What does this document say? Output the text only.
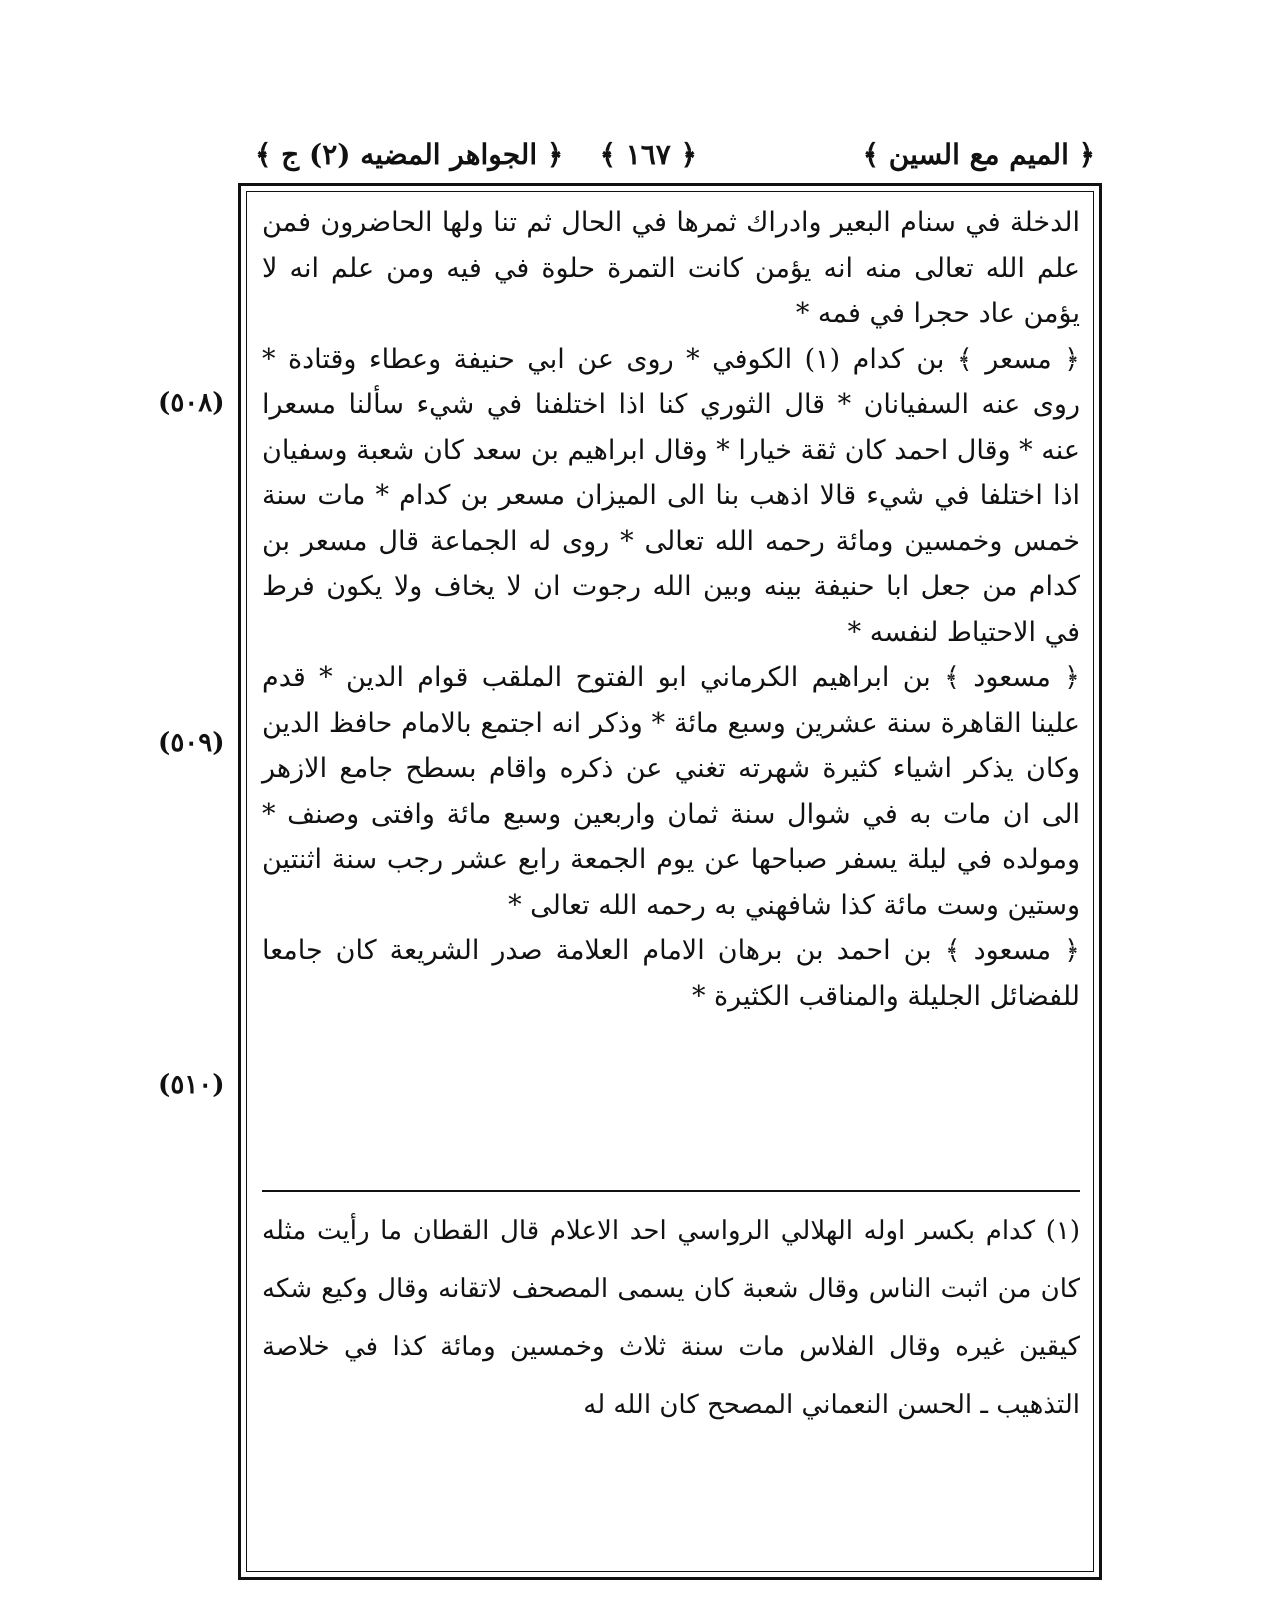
﴿ الميم مع السين ﴾
﴿ ١٦٧ ﴾
﴿ الجواهر المضيه (٢) ج ﴾
(٥٠٨)
(٥٠٩)
(٥١٠)

الدخلة في سنام البعير وادراك ثمرها في الحال ثم تنا ولها الحاضرون فمن علم الله تعالى منه انه يؤمن كانت التمرة حلوة في فيه ومن علم انه لا يؤمن عاد حجرا في فمه *

﴿ مسعر ﴾ بن كدام (١) الكوفي * روى عن ابي حنيفة وعطاء وقتادة * روى عنه السفيانان * قال الثوري كنا اذا اختلفنا في شيء سألنا مسعرا عنه * وقال احمد كان ثقة خيارا * وقال ابراهيم بن سعد كان شعبة وسفيان اذا اختلفا في شيء قالا اذهب بنا الى الميزان مسعر بن كدام * مات سنة خمس وخمسين ومائة رحمه الله تعالى * روى له الجماعة قال مسعر بن كدام من جعل ابا حنيفة بينه وبين الله رجوت ان لا يخاف ولا يكون فرط في الاحتياط لنفسه *

﴿ مسعود ﴾ بن ابراهيم الكرماني ابو الفتوح الملقب قوام الدين * قدم علينا القاهرة سنة عشرين وسبع مائة * وذكر انه اجتمع بالامام حافظ الدين وكان يذكر اشياء كثيرة شهرته تغني عن ذكره واقام بسطح جامع الازهر الى ان مات به في شوال سنة ثمان واربعين وسبع مائة وافتى وصنف * ومولده في ليلة يسفر صباحها عن يوم الجمعة رابع عشر رجب سنة اثنتين وستين وست مائة كذا شافهني به رحمه الله تعالى *

﴿ مسعود ﴾ بن احمد بن برهان الامام العلامة صدر الشريعة كان جامعا للفضائل الجليلة والمناقب الكثيرة *

(١) كدام بكسر اوله الهلالي الرواسي احد الاعلام قال القطان ما رأيت مثله كان من اثبت الناس وقال شعبة كان يسمى المصحف لاتقانه وقال وكيع شكه كيقين غيره وقال الفلاس مات سنة ثلاث وخمسين ومائة كذا في خلاصة التذهيب ـ الحسن النعماني المصحح كان الله له
